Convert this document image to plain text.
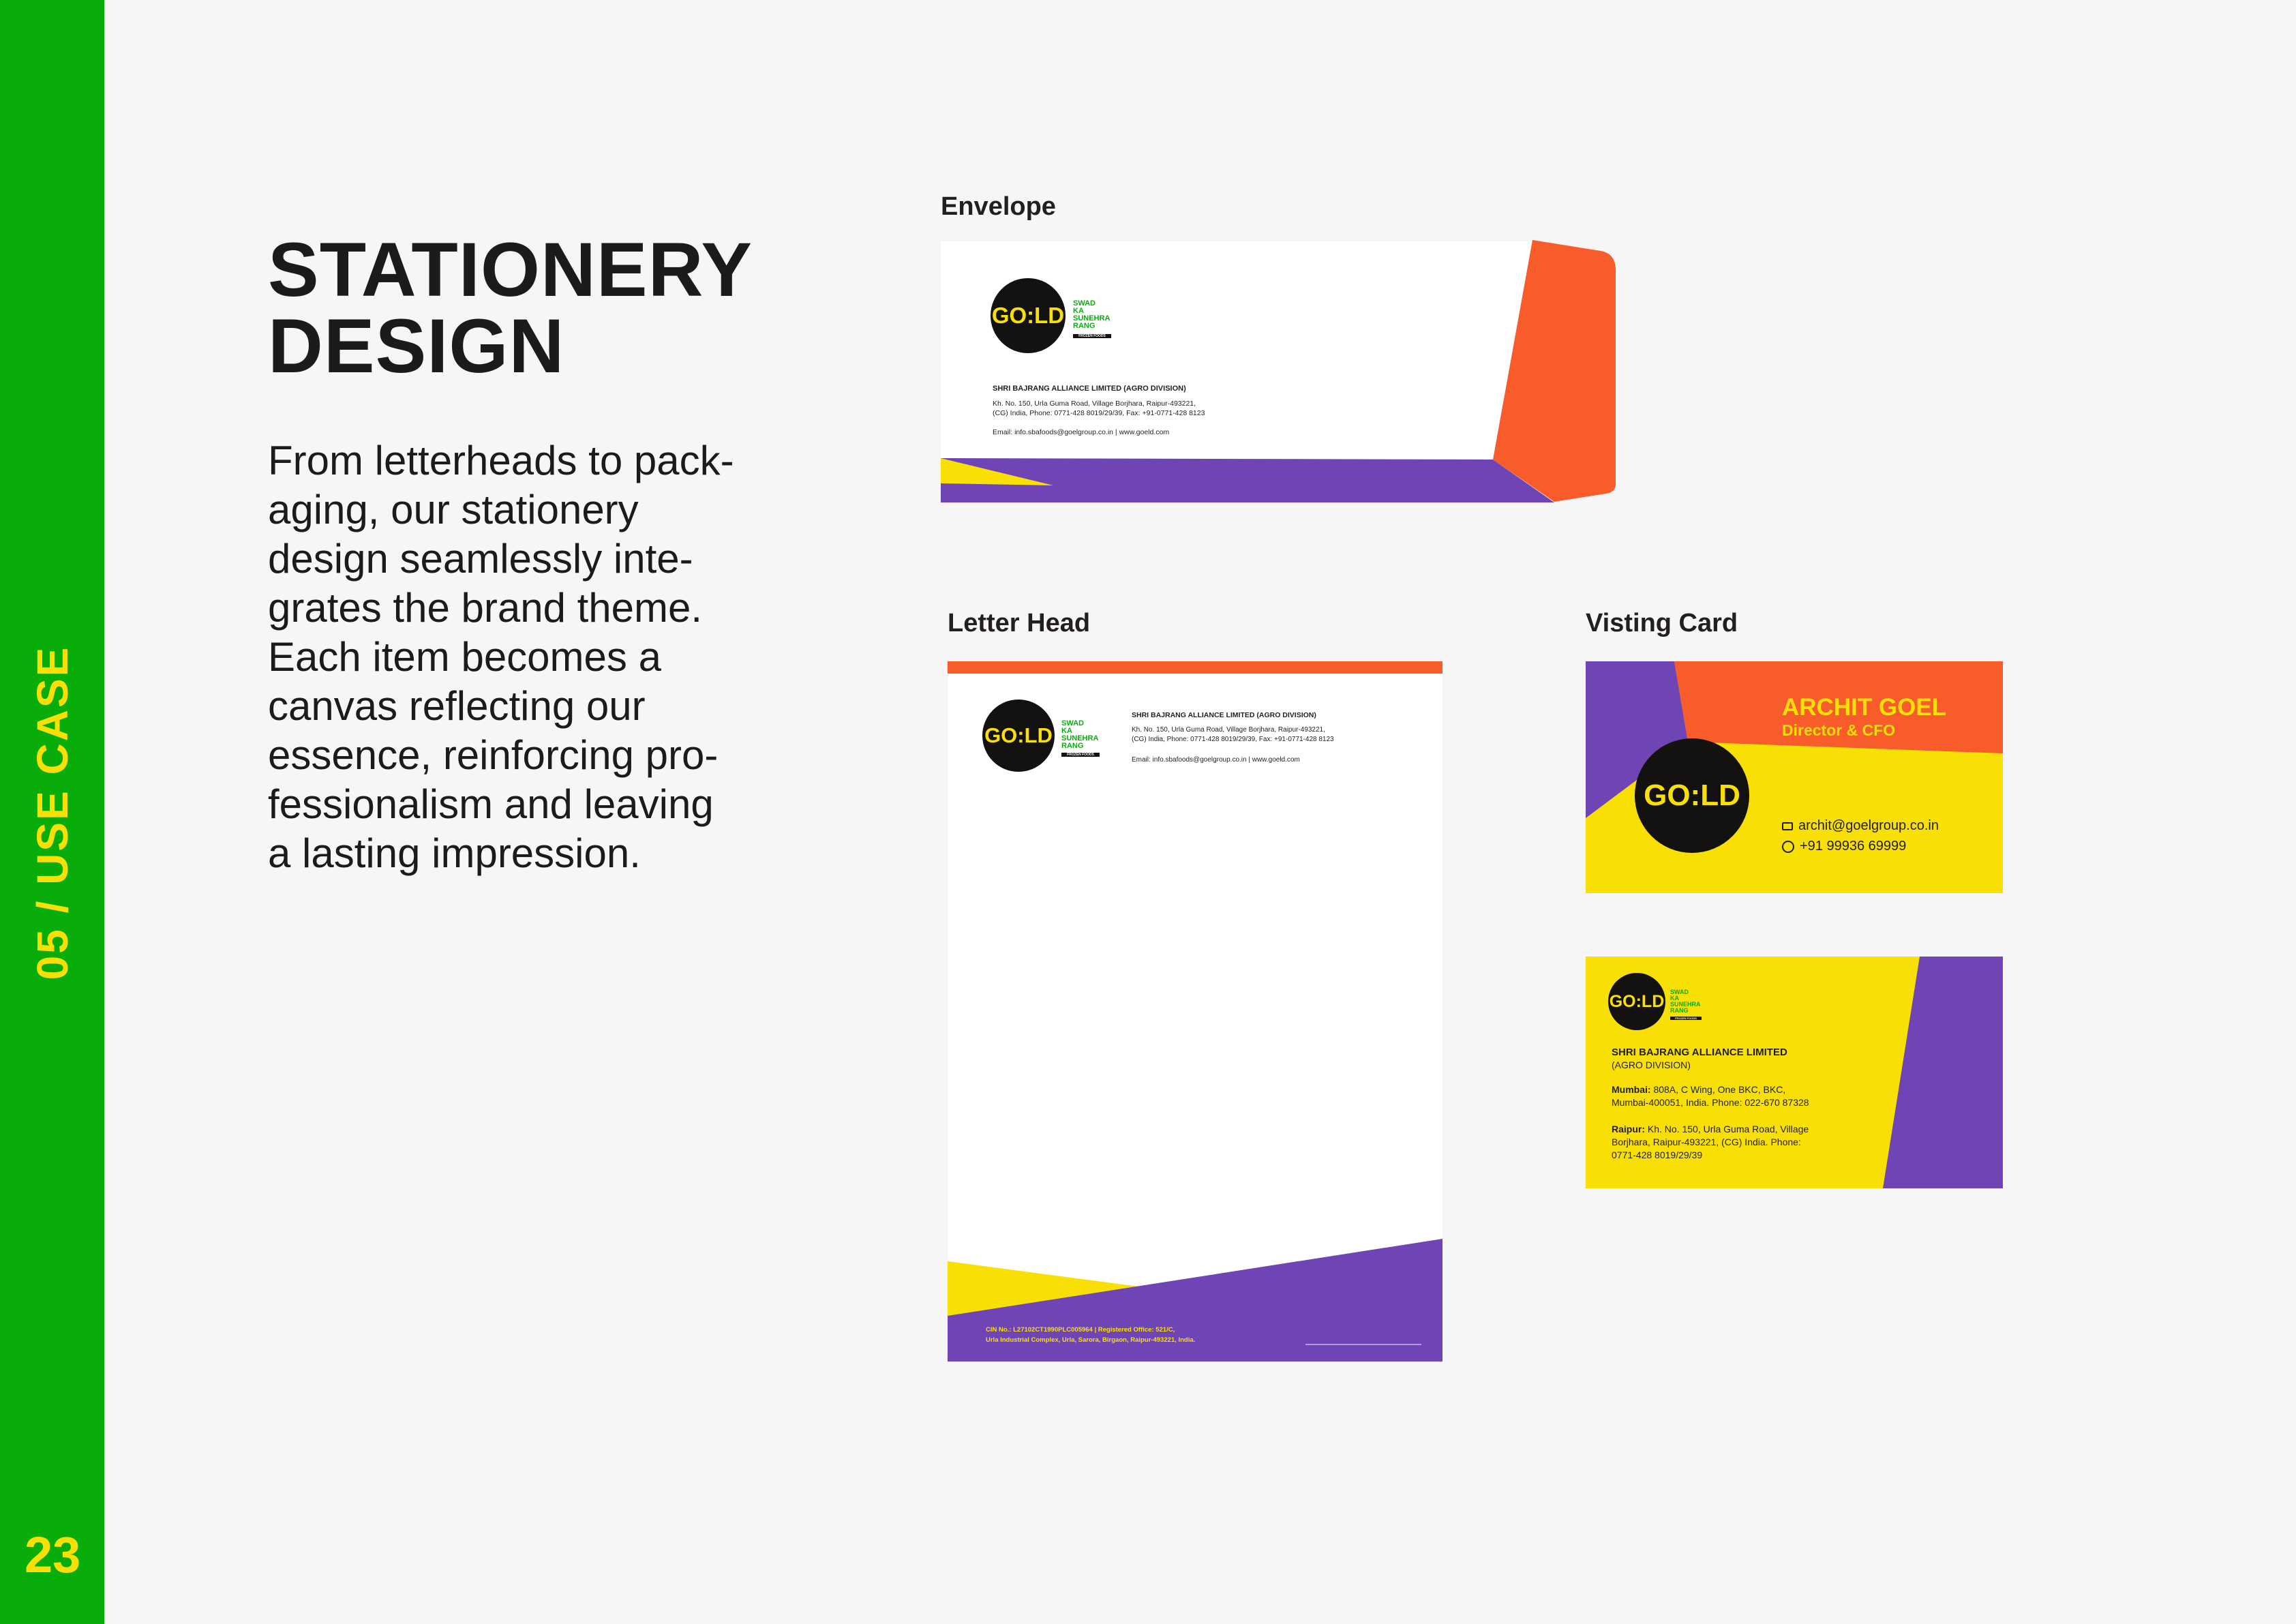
05 / USE CASE
23
STATIONERY
DESIGN
From letterheads to pack-
aging, our stationery
design seamlessly inte-
grates the brand theme.
Each item becomes a
canvas reflecting our
essence, reinforcing pro-
fessionalism and leaving
a lasting impression.
Envelope
GO:LD SWAD
KA
SUNEHRA
RANG
FROZEN FOODS
SHRI BAJRANG ALLIANCE LIMITED (AGRO DIVISION)
Kh. No. 150, Urla Guma Road, Village Borjhara, Raipur-493221,
(CG) India, Phone: 0771-428 8019/29/39, Fax: +91-0771-428 8123
Email: info.sbafoods@goelgroup.co.in | www.goeld.com
Letter Head
GO:LD SWAD
KA
SUNEHRA
RANG
FROZEN FOODS
SHRI BAJRANG ALLIANCE LIMITED (AGRO DIVISION)
Kh. No. 150, Urla Guma Road, Village Borjhara, Raipur-493221,
(CG) India, Phone: 0771-428 8019/29/39, Fax: +91-0771-428 8123
Email: info.sbafoods@goelgroup.co.in | www.goeld.com
CIN No.: L27102CT1990PLC005964 | Registered Office: 521/C,
Urla Industrial Complex, Urla, Sarora, Birgaon, Raipur-493221, India.
Visting Card
GO:LD
ARCHIT GOEL
Director & CFO
archit@goelgroup.co.in
+91 99936 69999
GO:LD SWAD
KA
SUNEHRA
RANG
FROZEN FOODS
SHRI BAJRANG ALLIANCE LIMITED
(AGRO DIVISION)
Mumbai: 808A, C Wing, One BKC, BKC,
Mumbai-400051, India. Phone: 022-670 87328
Raipur: Kh. No. 150, Urla Guma Road, Village
Borjhara, Raipur-493221, (CG) India. Phone:
0771-428 8019/29/39
